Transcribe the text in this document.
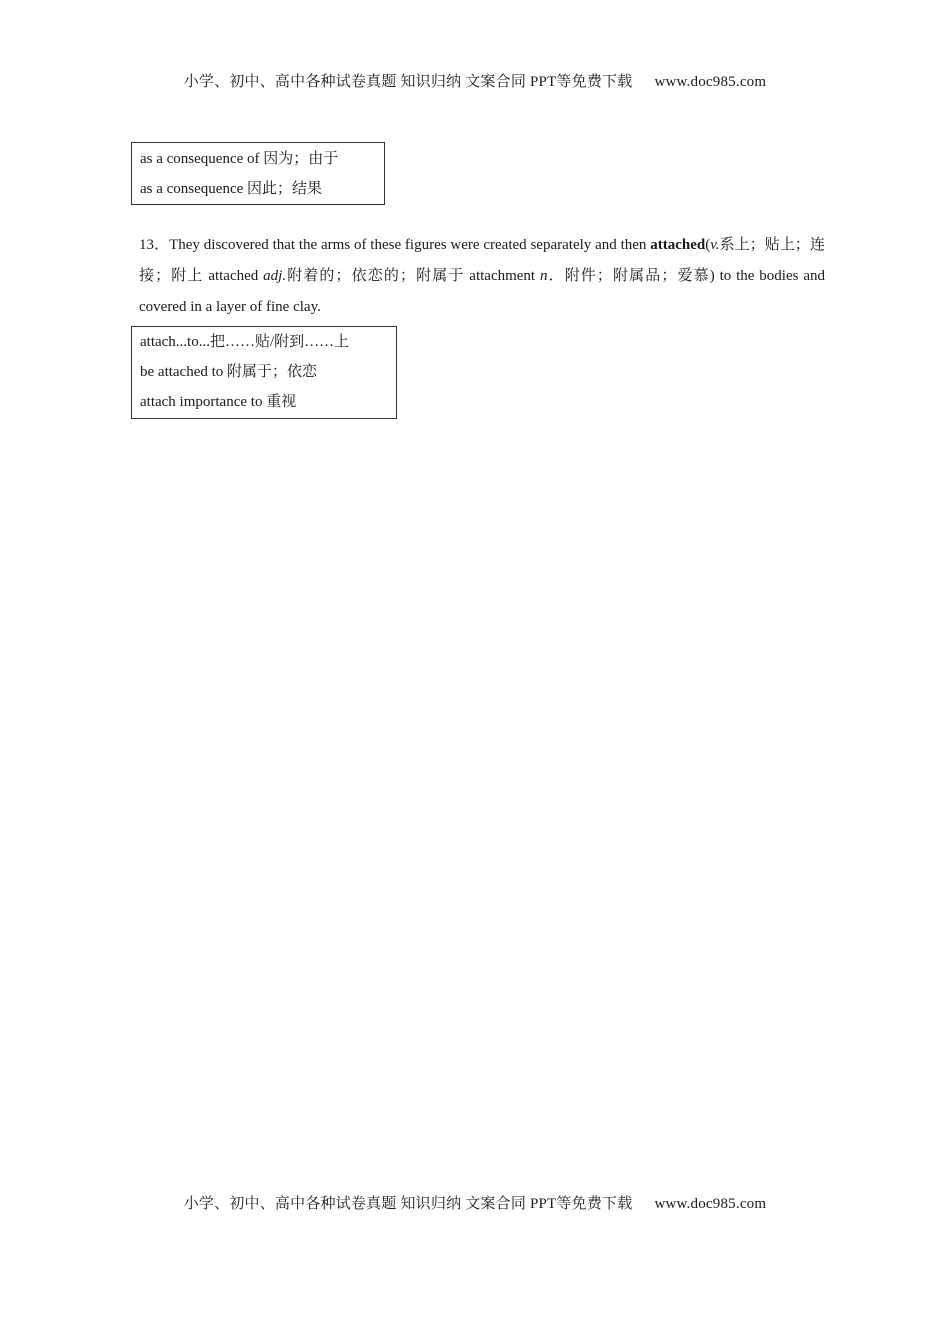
小学、初中、高中各种试卷真题 知识归纳 文案合同 PPT等免费下载 www.doc985.com
as a consequence of 因为；由于
as a consequence 因此；结果
13．They discovered that the arms of these figures were created separately and then attached(v.系上；贴上；连接；附上 attached adj.附着的；依恋的；附属于 attachment n．附件；附属品；爱慕) to the bodies and covered in a layer of fine clay.
attach...to...把……贴/附到……上
be attached to 附属于；依恋
attach importance to 重视
小学、初中、高中各种试卷真题 知识归纳 文案合同 PPT等免费下载 www.doc985.com
